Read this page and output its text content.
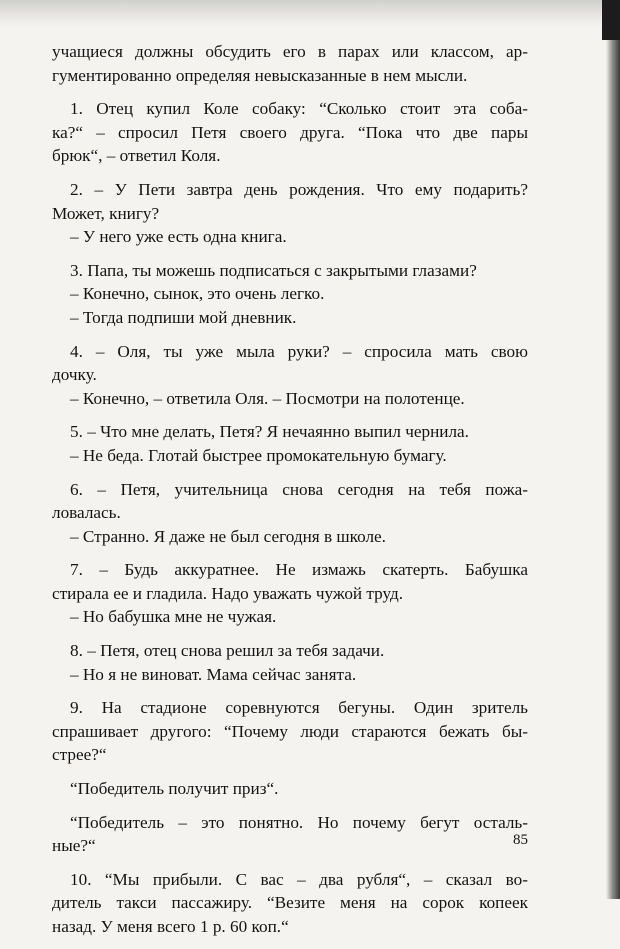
учащиеся должны обсудить его в парах или классом, ар-
гументированно определяя невысказанные в нем мысли.
1. Отец купил Коле собаку: “Сколько стоит эта соба-
ка?“ – спросил Петя своего друга. “Пока что две пары
брюк“, – ответил Коля.
2. – У Пети завтра день рождения. Что ему подарить?
Может, книгу?
– У него уже есть одна книга.
3. Папа, ты можешь подписаться с закрытыми глазами?
– Конечно, сынок, это очень легко.
– Тогда подпиши мой дневник.
4. – Оля, ты уже мыла руки? – спросила мать свою
дочку.
– Конечно, – ответила Оля. – Посмотри на полотенце.
5. – Что мне делать, Петя? Я нечаянно выпил чернила.
– Не беда. Глотай быстрее промокательную бумагу.
6. – Петя, учительница снова сегодня на тебя пожа-
ловалась.
– Странно. Я даже не был сегодня в школе.
7. – Будь аккуратнее. Не измажь скатерть. Бабушка
стирала ее и гладила. Надо уважать чужой труд.
– Но бабушка мне не чужая.
8. – Петя, отец снова решил за тебя задачи.
– Но я не виноват. Мама сейчас занята.
9. На стадионе соревнуются бегуны. Один зритель
спрашивает другого: “Почему люди стараются бежать бы-
стрее?“
“Победитель получит приз“.
“Победитель – это понятно. Но почему бегут осталь-
ные?“
10. “Мы прибыли. С вас – два рубля“, – сказал во-
дитель такси пассажиру. “Везите меня на сорок копеек
назад. У меня всего 1 р. 60 коп.“
85
